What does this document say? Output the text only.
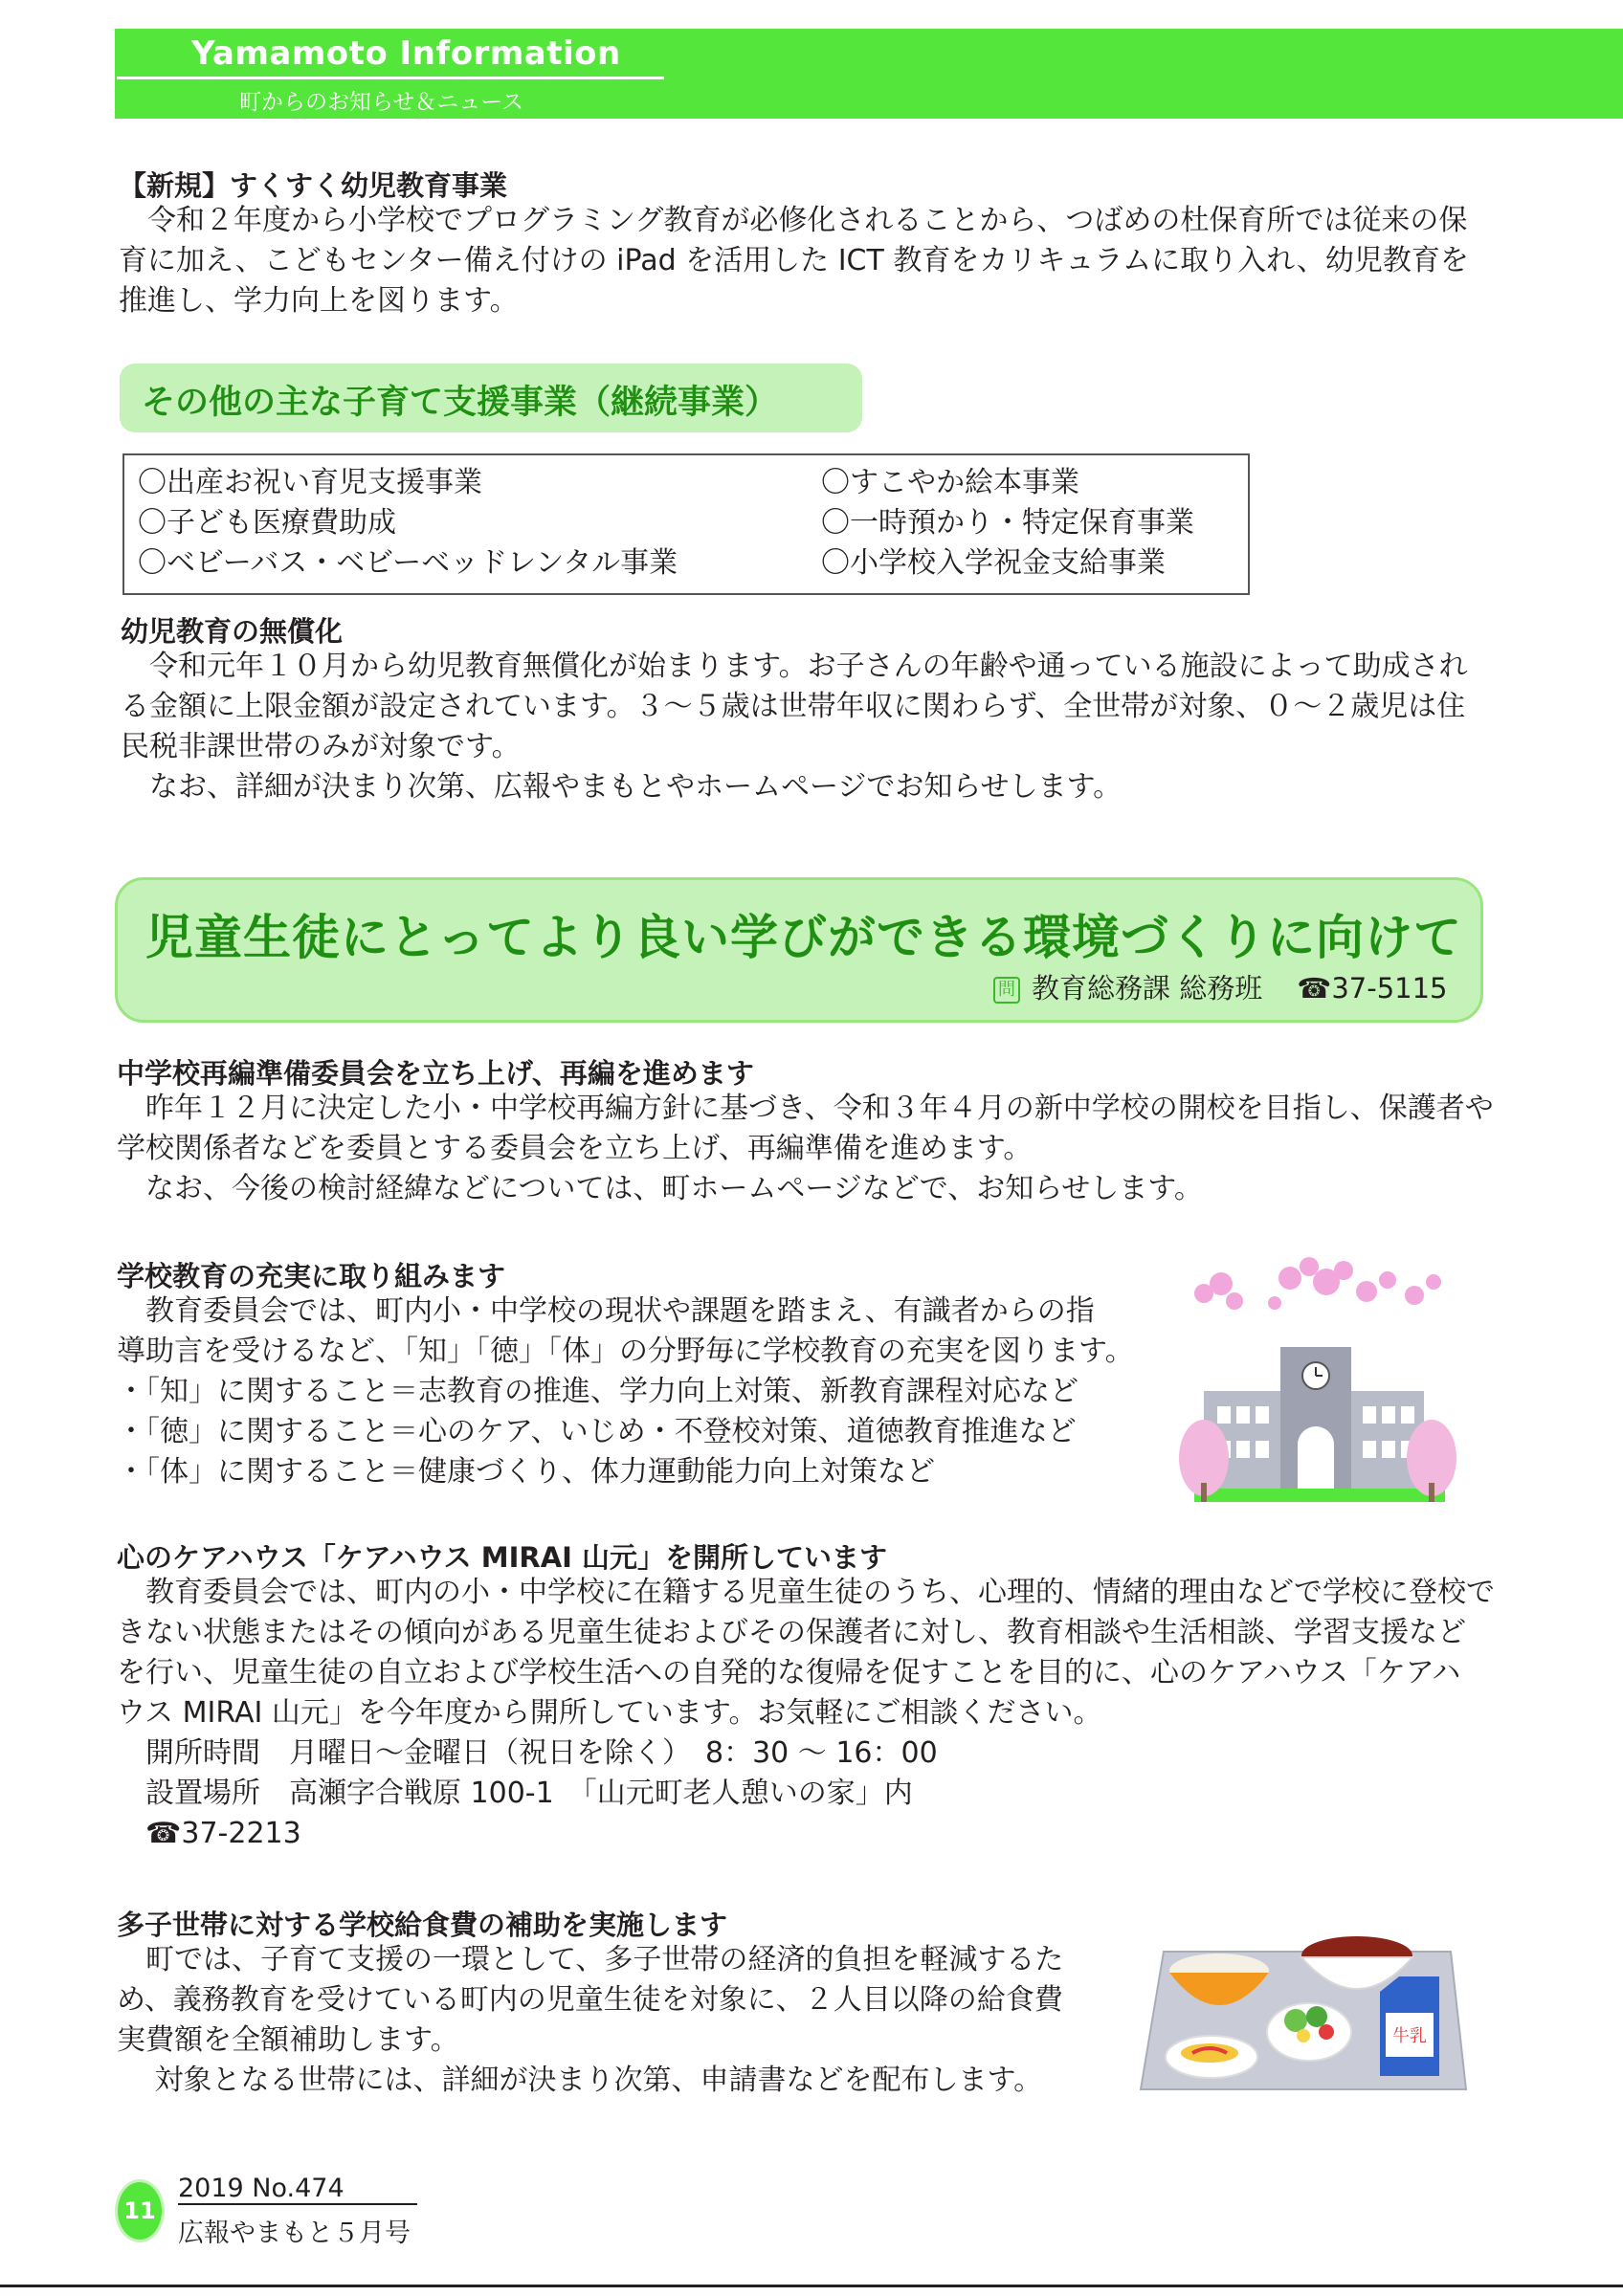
Yamamoto Information
町からのお知らせ＆ニュース

【新規】すくすく幼児教育事業

　令和２年度から小学校でプログラミング教育が必修化されることから、つばめの杜保育所では従来の保

育に加え、こどもセンター備え付けの iPad を活用した ICT 教育をカリキュラムに取り入れ、幼児教育を

推進し、学力向上を図ります。

その他の主な子育て支援事業（継続事業）
〇出産お祝い育児支援事業
〇子ども医療費助成
〇ベビーバス・ベビーベッドレンタル事業
〇すこやか絵本事業
〇一時預かり・特定保育事業
〇小学校入学祝金支給事業

幼児教育の無償化

　令和元年１０月から幼児教育無償化が始まります。お子さんの年齢や通っている施設によって助成され

る金額に上限金額が設定されています。３～５歳は世帯年収に関わらず、全世帯が対象、０～２歳児は住

民税非課世帯のみが対象です。

　なお、詳細が決まり次第、広報やまもとやホームページでお知らせします。

児童生徒にとってより良い学びができる環境づくりに向けて
問 教育総務課 総務班 ☎37-5115

中学校再編準備委員会を立ち上げ、再編を進めます

　昨年１２月に決定した小・中学校再編方針に基づき、令和３年４月の新中学校の開校を目指し、保護者や

学校関係者などを委員とする委員会を立ち上げ、再編準備を進めます。

　なお、今後の検討経緯などについては、町ホームページなどで、お知らせします。

学校教育の充実に取り組みます

　教育委員会では、町内小・中学校の現状や課題を踏まえ、有識者からの指

導助言を受けるなど、「知」「徳」「体」の分野毎に学校教育の充実を図ります。

・「知」に関すること＝志教育の推進、学力向上対策、新教育課程対応など

・「徳」に関すること＝心のケア、いじめ・不登校対策、道徳教育推進など

・「体」に関すること＝健康づくり、体力運動能力向上対策など

心のケアハウス「ケアハウス MIRAI 山元」を開所しています

　教育委員会では、町内の小・中学校に在籍する児童生徒のうち、心理的、情緒的理由などで学校に登校で

きない状態またはその傾向がある児童生徒およびその保護者に対し、教育相談や生活相談、学習支援など

を行い、児童生徒の自立および学校生活への自発的な復帰を促すことを目的に、心のケアハウス「ケアハ

ウス MIRAI 山元」を今年度から開所しています。お気軽にご相談ください。

　開所時間　月曜日～金曜日（祝日を除く）　8：30 ～ 16：00

　設置場所　高瀬字合戦原 100-1　「山元町老人憩いの家」内

　☎37-2213

多子世帯に対する学校給食費の補助を実施します

　町では、子育て支援の一環として、多子世帯の経済的負担を軽減するた

め、義務教育を受けている町内の児童生徒を対象に、２人目以降の給食費

実費額を全額補助します。

　 対象となる世帯には、詳細が決まり次第、申請書などを配布します。

牛乳
11
2019 No.474
広報やまもと５月号
